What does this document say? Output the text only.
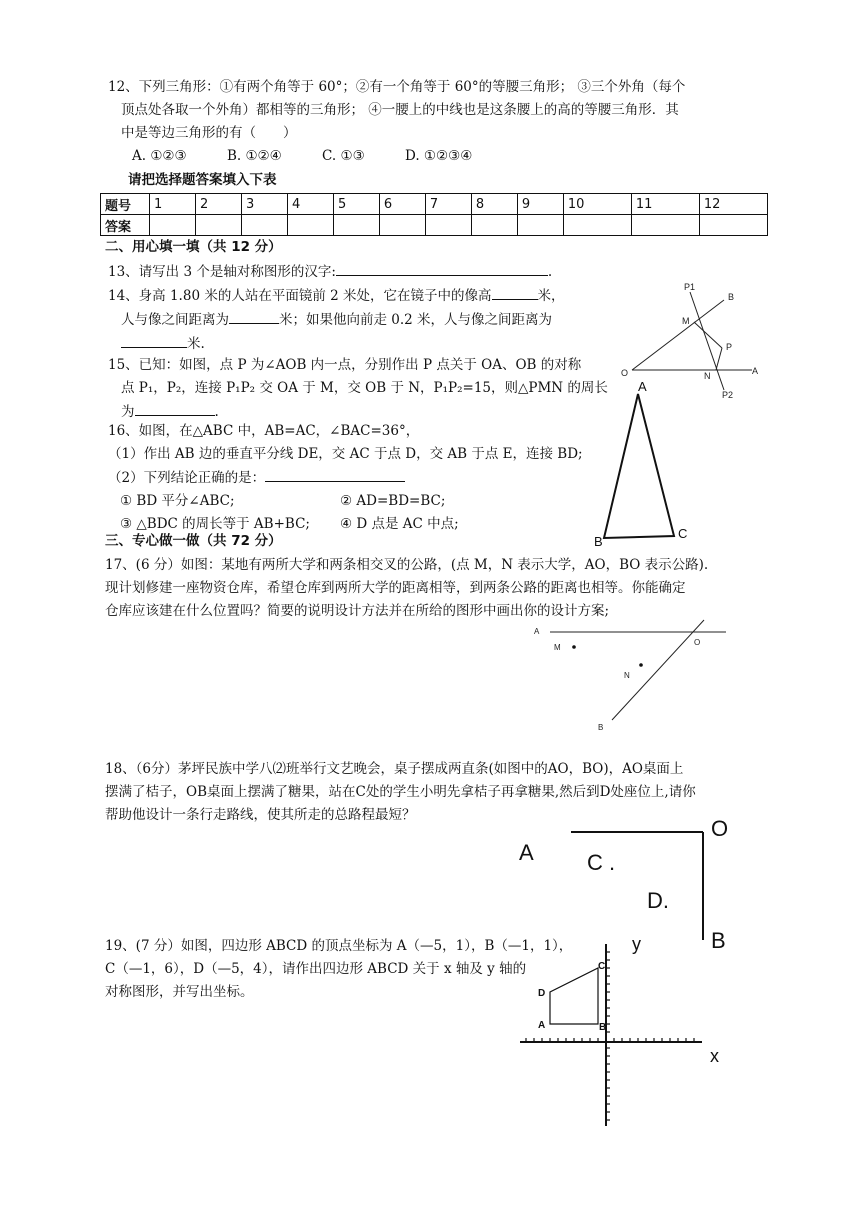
12、下列三角形：①有两个角等于 60°；②有一个角等于 60°的等腰三角形； ③三个外角（每个
顶点处各取一个外角）都相等的三角形； ④一腰上的中线也是这条腰上的高的等腰三角形．其
中是等边三角形的有（　　）
A. ①②③	B. ①②④	C. ①③	D. ①②③④
请把选择题答案填入下表
题号	1	2	3	4	5	6	7	8	9	10	11	12
答案												
二、用心填一填（共 12 分）
13、请写出 3 个是轴对称图形的汉字:	.
14、身高 1.80 米的人站在平面镜前 2 米处，它在镜子中的像高	米，
人与像之间距离为	米；如果他向前走 0.2 米，人与像之间距离为
米.
15、已知：如图，点 P 为∠AOB 内一点，分别作出 P 点关于 OA、OB 的对称
点 P₁，P₂，连接 P₁P₂ 交 OA 于 M，交 OB 于 N，P₁P₂=15，则△PMN 的周长
为	.
16、如图，在△ABC 中，AB=AC，∠BAC=36°，
（1）作出 AB 边的垂直平分线 DE，交 AC 于点 D，交 AB 于点 E，连接 BD;
（2）下列结论正确的是：
① BD 平分∠ABC;	② AD=BD=BC;
③ △BDC 的周长等于 AB+BC; ④ D 点是 AC 中点;
三、专心做一做（共 72 分）
17、(6 分）如图：某地有两所大学和两条相交叉的公路，(点 M，N 表示大学，AO，BO 表示公路).
现计划修建一座物资仓库，希望仓库到两所大学的距离相等，到两条公路的距离也相等。你能确定
仓库应该建在什么位置吗？简要的说明设计方法并在所给的图形中画出你的设计方案;
18、（6分）茅坪民族中学八⑵班举行文艺晚会，桌子摆成两直条(如图中的AO，BO)，AO桌面上
摆满了桔子，OB桌面上摆满了糖果，站在C处的学生小明先拿桔子再拿糖果,然后到D处座位上,请你
帮助他设计一条行走路线，使其所走的总路程最短？
19、(7 分）如图，四边形 ABCD 的顶点坐标为 A（—5，1），B（—1，1），
C（—1，6），D（—5，4），请作出四边形 ABCD 关于 x 轴及 y 轴的
对称图形，并写出坐标。
P1
B
M
P
O	N	A
P2
A
B
C
A
O
M
N
B
A
O
C .
D.
B
y
x
A	B
C
D
